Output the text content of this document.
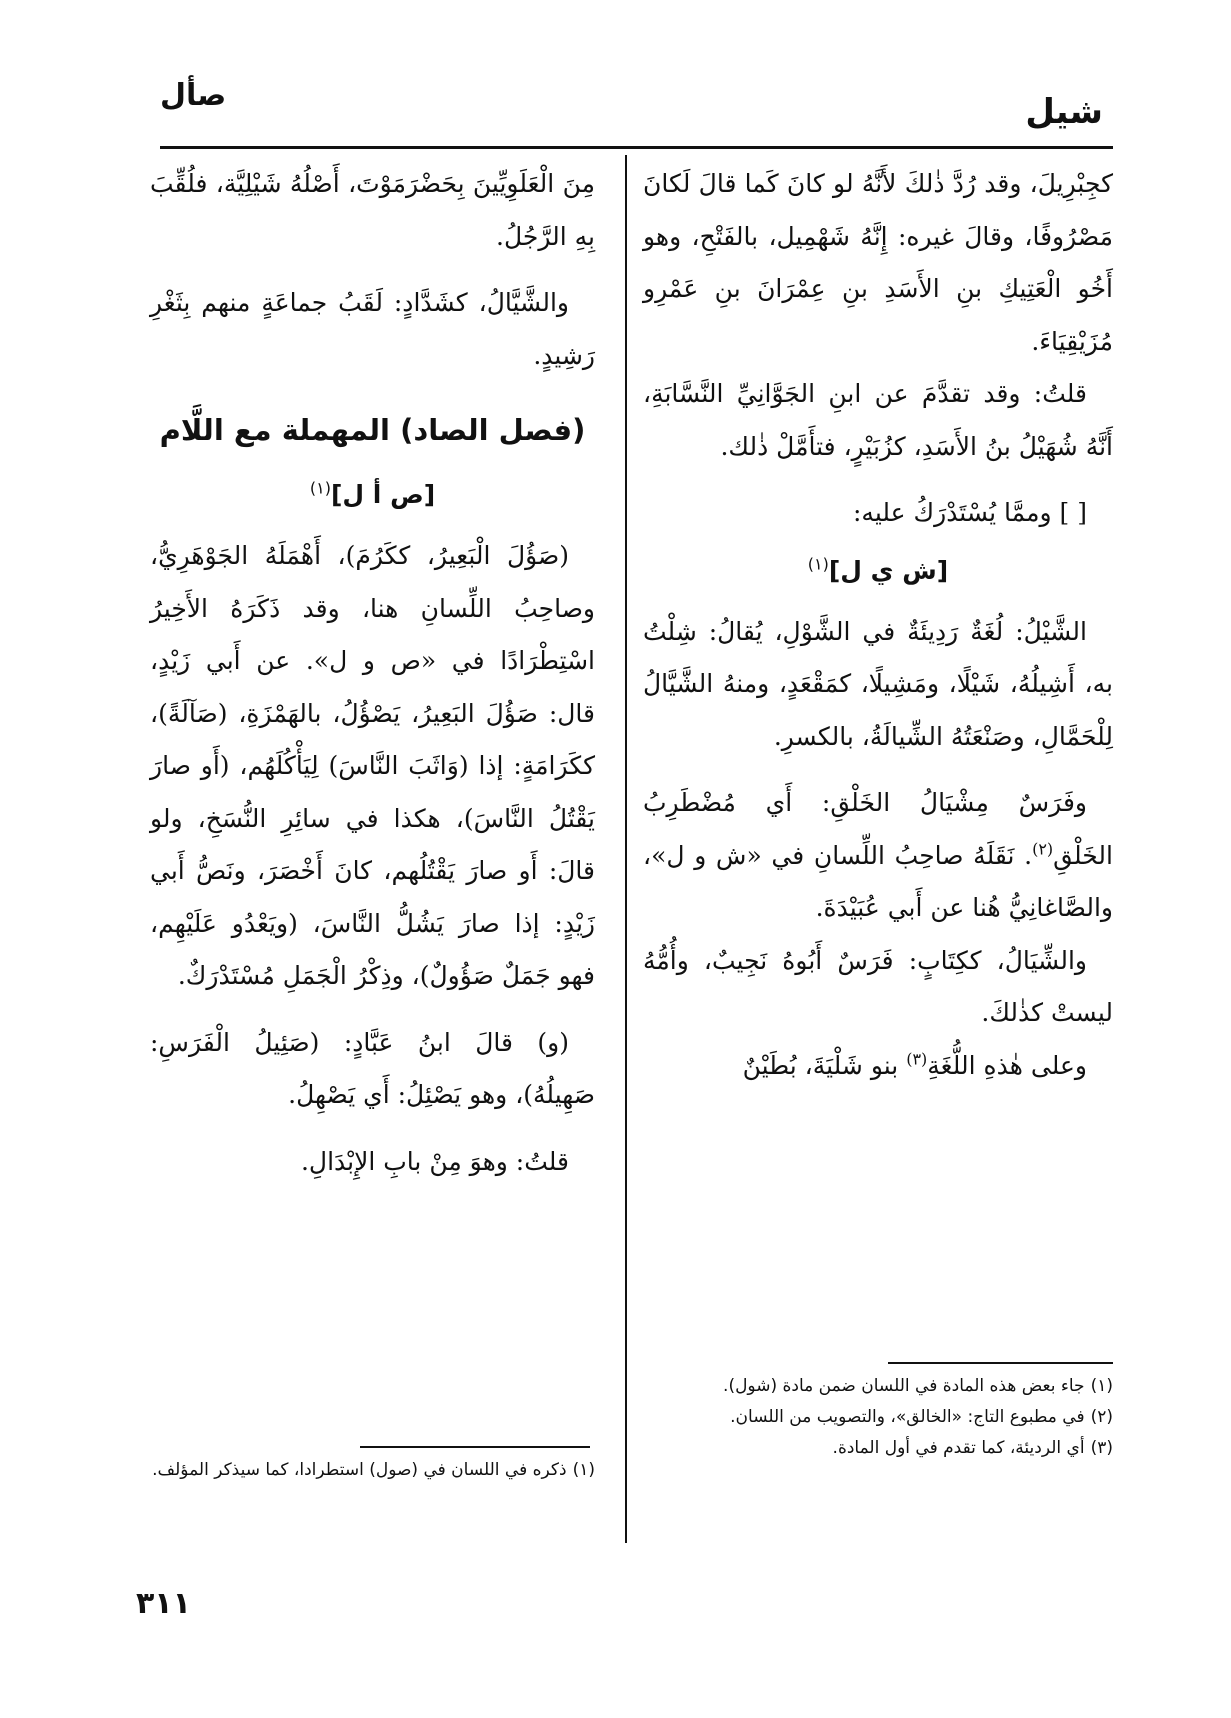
شيل
صأل

كجِبْرِيلَ، وقد رُدَّ ذٰلكَ لأَنَّهُ لو كانَ كَما قالَ لَكانَ مَصْرُوفًا، وقالَ غيره: إِنَّهُ شَهْمِيل، بالفَتْحِ، وهو أَخُو الْعَتِيكِ بنِ الأَسَدِ بنِ عِمْرَانَ بنِ عَمْرِو مُزَيْقِيَاءَ.

قلتُ: وقد تقدَّمَ عن ابنِ الجَوَّانِيِّ النَّسَّابَةِ، أَنَّهُ شُهَيْلُ بنُ الأَسَدِ، كزُبَيْرٍ، فتأَمَّلْ ذٰلك.

[ ] وممَّا يُسْتَدْرَكُ عليه:

[ش ي ل]$^{(١)}$

الشَّيْلُ: لُغَةٌ رَدِيئَةٌ في الشَّوْلِ، يُقالُ: شِلْتُ به، أَشِيلُهُ، شَيْلًا، ومَشِيلًا، كمَقْعَدٍ، ومنهُ الشَّيَّالُ لِلْحَمَّالِ، وصَنْعَتُهُ الشِّيالَةُ، بالكسرِ.

وفَرَسٌ مِشْيَالُ الخَلْقِ: أَي مُضْطَرِبُ الخَلْقِ$^{(٢)}$. نَقَلَهُ صاحِبُ اللِّسانِ في «ش و ل»، والصَّاغانِيُّ هُنا عن أَبي عُبَيْدَةَ.

والشِّيَالُ، ككِتَابٍ: فَرَسٌ أَبُوهُ نَجِيبٌ، وأُمُّهُ ليستْ كذٰلكَ.

وعلى هٰذهِ اللُّغَةِ$^{(٣)}$ بنو شَلْيَةَ، بُطَيْنٌ

مِنَ الْعَلَوِيِّينَ بِحَضْرَمَوْتَ، أَصْلُهُ شَيْلِيَّة، فلُقِّبَ بِهِ الرَّجُلُ.

والشَّيَّالُ، كشَدَّادٍ: لَقَبُ جماعَةٍ منهم بِثَغْرِ رَشِيدٍ.

(فصل الصاد) المهملة مع اللَّام
[ص أ ل]$^{(١)}$

(صَؤُلَ الْبَعِيرُ، ككَرُمَ)، أَهْمَلَهُ الجَوْهَرِيُّ، وصاحِبُ اللِّسانِ هنا، وقد ذَكَرَهُ الأَخِيرُ اسْتِطْرَادًا في «ص و ل». عن أَبي زَيْدٍ، قال: صَؤُلَ البَعِيرُ، يَصْؤُلُ، بالهَمْزَةِ، (صَآلَةً)، ككَرَامَةٍ: إذا (وَاثَبَ النَّاسَ) لِيَأْكُلَهُم، (أَو صارَ يَقْتُلُ النَّاسَ)، هكذا في سائِرِ النُّسَخِ، ولو قالَ: أَو صارَ يَقْتُلُهم، كانَ أَخْصَرَ، ونَصُّ أَبي زَيْدٍ: إذا صارَ يَشُلُّ النَّاسَ، (ويَعْدُو عَلَيْهِم، فهو جَمَلٌ صَؤُولٌ)، وذِكْرُ الْجَمَلِ مُسْتَدْرَكٌ.

(و) قالَ ابنُ عَبَّادٍ: (صَئِيلُ الْفَرَسِ: صَهِيلُهُ)، وهو يَصْئِلُ: أَي يَصْهِلُ.

قلتُ: وهوَ مِنْ بابِ الإِبْدَالِ.

(١)جاء بعض هذه المادة في اللسان ضمن مادة (شول).

(٢)في مطبوع التاج: «الخالق»، والتصويب من اللسان.

(٣)أي الرديئة، كما تقدم في أول المادة.

(١)ذكره في اللسان في (صول) استطرادا، كما سيذكر المؤلف.

٣١١
